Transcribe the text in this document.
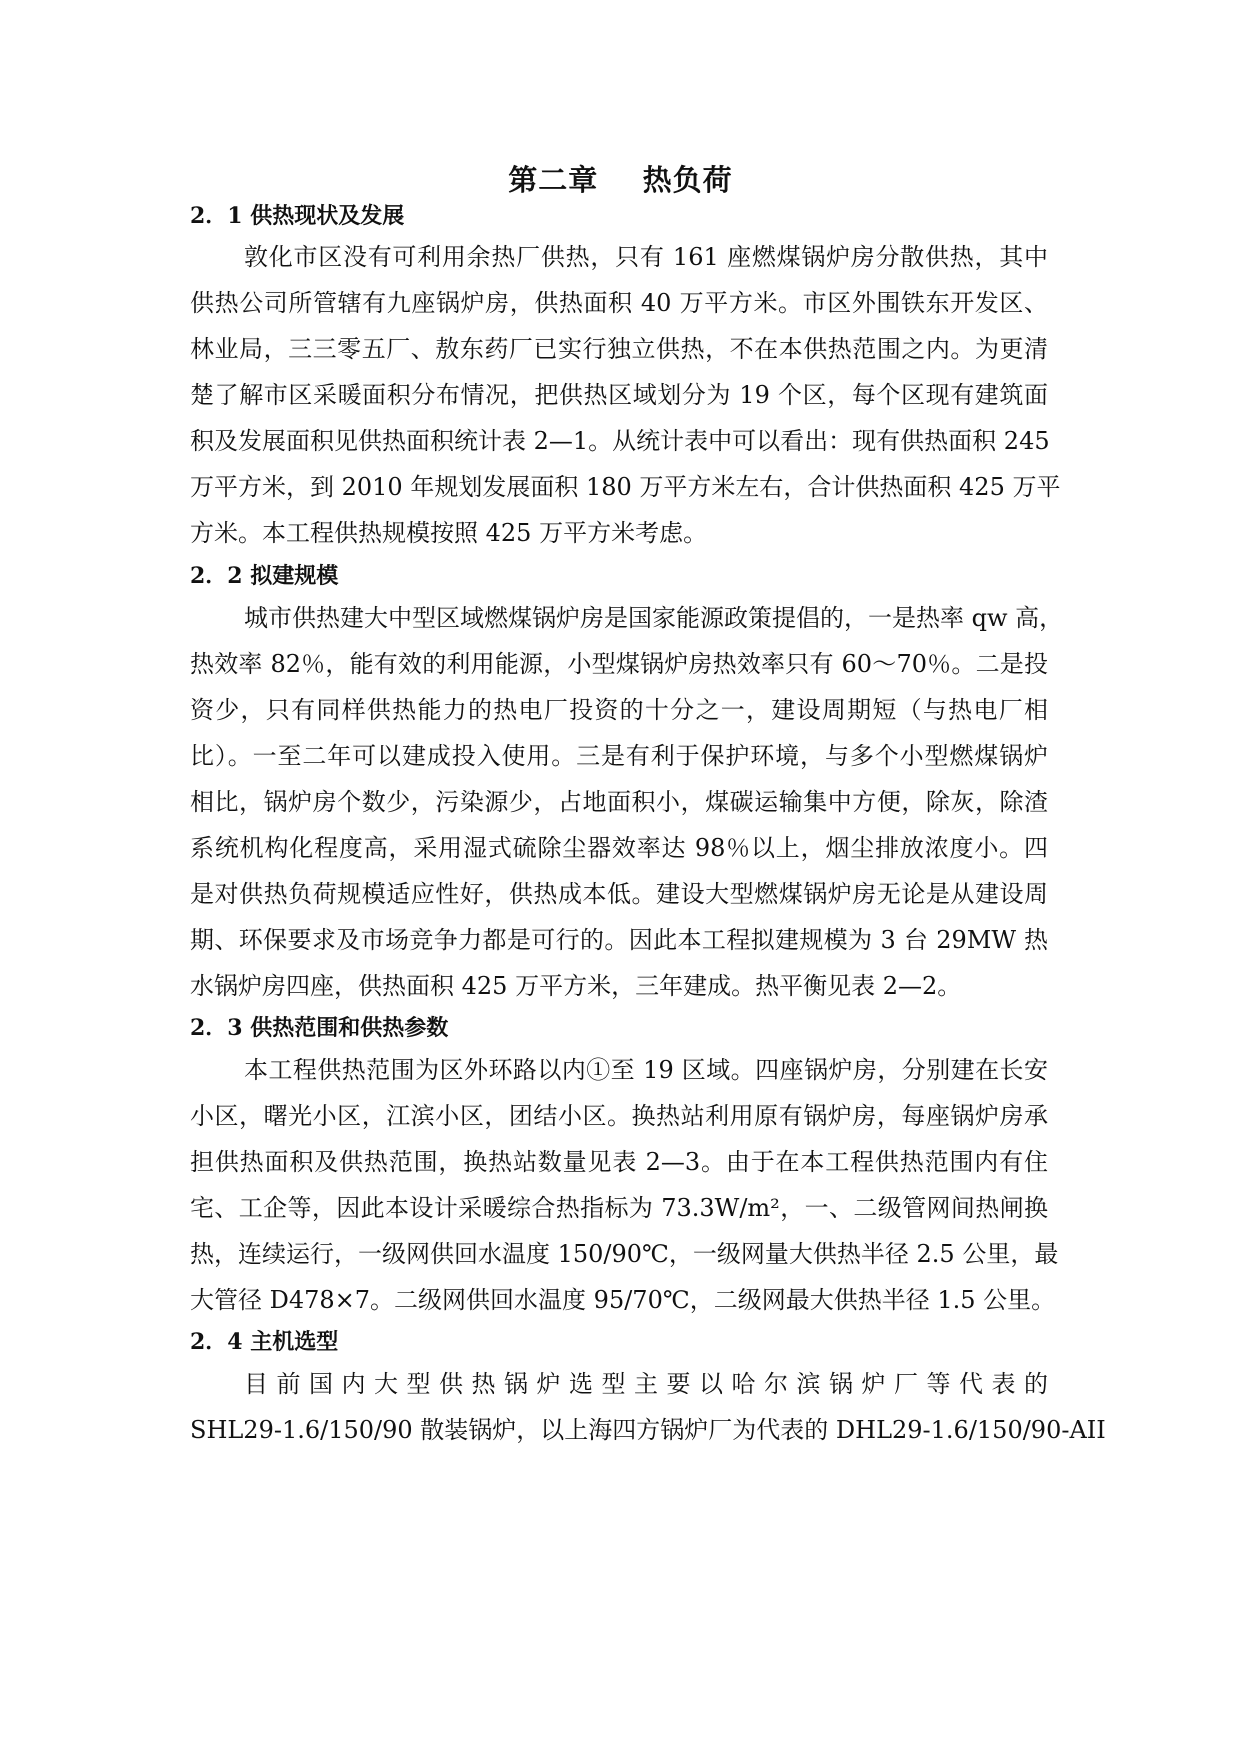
第二章    热负荷
2．1 供热现状及发展
敦化市区没有可利用余热厂供热，只有 161 座燃煤锅炉房分散供热，其中
供热公司所管辖有九座锅炉房，供热面积 40 万平方米。市区外围铁东开发区、
林业局，三三零五厂、敖东药厂已实行独立供热，不在本供热范围之内。为更清
楚了解市区采暖面积分布情况，把供热区域划分为 19 个区，每个区现有建筑面
积及发展面积见供热面积统计表 2—1。从统计表中可以看出：现有供热面积 245
万平方米，到 2010 年规划发展面积 180 万平方米左右，合计供热面积 425 万平
方米。本工程供热规模按照 425 万平方米考虑。
2．2 拟建规模
城市供热建大中型区域燃煤锅炉房是国家能源政策提倡的，一是热率 qw 高，
热效率 82％，能有效的利用能源，小型煤锅炉房热效率只有 60～70％。二是投
资少，只有同样供热能力的热电厂投资的十分之一，建设周期短（与热电厂相
比）。一至二年可以建成投入使用。三是有利于保护环境，与多个小型燃煤锅炉
相比，锅炉房个数少，污染源少，占地面积小，煤碳运输集中方便，除灰，除渣
系统机构化程度高，采用湿式硫除尘器效率达 98％以上，烟尘排放浓度小。四
是对供热负荷规模适应性好，供热成本低。建设大型燃煤锅炉房无论是从建设周
期、环保要求及市场竞争力都是可行的。因此本工程拟建规模为 3 台 29MW 热
水锅炉房四座，供热面积 425 万平方米，三年建成。热平衡见表 2—2。
2．3 供热范围和供热参数
本工程供热范围为区外环路以内①至 19 区域。四座锅炉房，分别建在长安
小区，曙光小区，江滨小区，团结小区。换热站利用原有锅炉房，每座锅炉房承
担供热面积及供热范围，换热站数量见表 2—3。由于在本工程供热范围内有住
宅、工企等，因此本设计采暖综合热指标为 73.3W/m²，一、二级管网间热闸换
热，连续运行，一级网供回水温度 150/90℃，一级网量大供热半径 2.5 公里，最
大管径 D478×7。二级网供回水温度 95/70℃，二级网最大供热半径 1.5 公里。
2．4 主机选型
目前国内大型供热锅炉选型主要以哈尔滨锅炉厂等代表的
SHL29-1.6/150/90 散装锅炉，以上海四方锅炉厂为代表的 DHL29-1.6/150/90-AII
